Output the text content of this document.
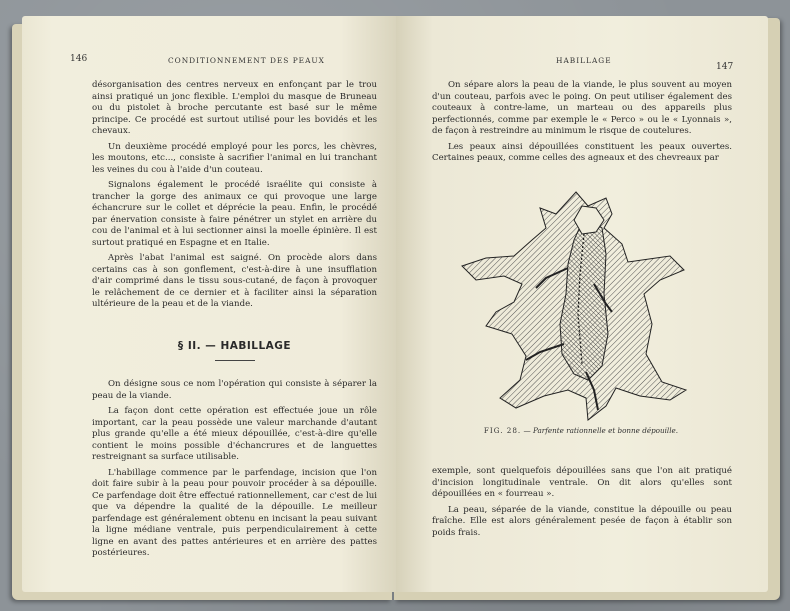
146	CONDITIONNEMENT DES PEAUX

désorganisation des centres nerveux en enfonçant par le trou ainsi pratiqué un jonc flexible. L'emploi du masque de Bruneau ou du pistolet à broche percutante est basé sur le même principe. Ce procédé est surtout utilisé pour les bovidés et les chevaux.

Un deuxième procédé employé pour les porcs, les chèvres, les moutons, etc..., consiste à sacrifier l'animal en lui tranchant les veines du cou à l'aide d'un couteau.

Signalons également le procédé israélite qui consiste à trancher la gorge des animaux ce qui provoque une large échancrure sur le collet et déprécie la peau. Enfin, le procédé par énervation consiste à faire pénétrer un stylet en arrière du cou de l'animal et à lui sectionner ainsi la moelle épinière. Il est surtout pratiqué en Espagne et en Italie.

Après l'abat l'animal est saigné. On procède alors dans certains cas à son gonflement, c'est-à-dire à une insufflation d'air comprimé dans le tissu sous-cutané, de façon à provoquer le relâchement de ce dernier et à faciliter ainsi la séparation ultérieure de la peau et de la viande.

§ II. — HABILLAGE

On désigne sous ce nom l'opération qui consiste à séparer la peau de la viande.

La façon dont cette opération est effectuée joue un rôle important, car la peau possède une valeur marchande d'autant plus grande qu'elle a été mieux dépouillée, c'est-à-dire qu'elle contient le moins possible d'échancrures et de languettes restreignant sa surface utilisable.

L'habillage commence par le parfendage, incision que l'on doit faire subir à la peau pour pouvoir procéder à sa dépouille. Ce parfendage doit être effectué rationnellement, car c'est de lui que va dépendre la qualité de la dépouille. Le meilleur parfendage est généralement obtenu en incisant la peau suivant la ligne médiane ventrale, puis perpendiculairement à cette ligne en avant des pattes antérieures et en arrière des pattes postérieures.

HABILLAGE
147

On sépare alors la peau de la viande, le plus souvent au moyen d'un couteau, parfois avec le poing. On peut utiliser également des couteaux à contre-lame, un marteau ou des appareils plus perfectionnés, comme par exemple le « Perco » ou le « Lyonnais », de façon à restreindre au minimum le risque de coutelures.

Les peaux ainsi dépouillées constituent les peaux ouvertes. Certaines peaux, comme celles des agneaux et des chevreaux par

FIG. 28. — Parfente rationnelle et bonne dépouille.

exemple, sont quelquefois dépouillées sans que l'on ait pratiqué d'incision longitudinale ventrale. On dit alors qu'elles sont dépouillées en « fourreau ».

La peau, séparée de la viande, constitue la dépouille ou peau fraîche. Elle est alors généralement pesée de façon à établir son poids frais.
